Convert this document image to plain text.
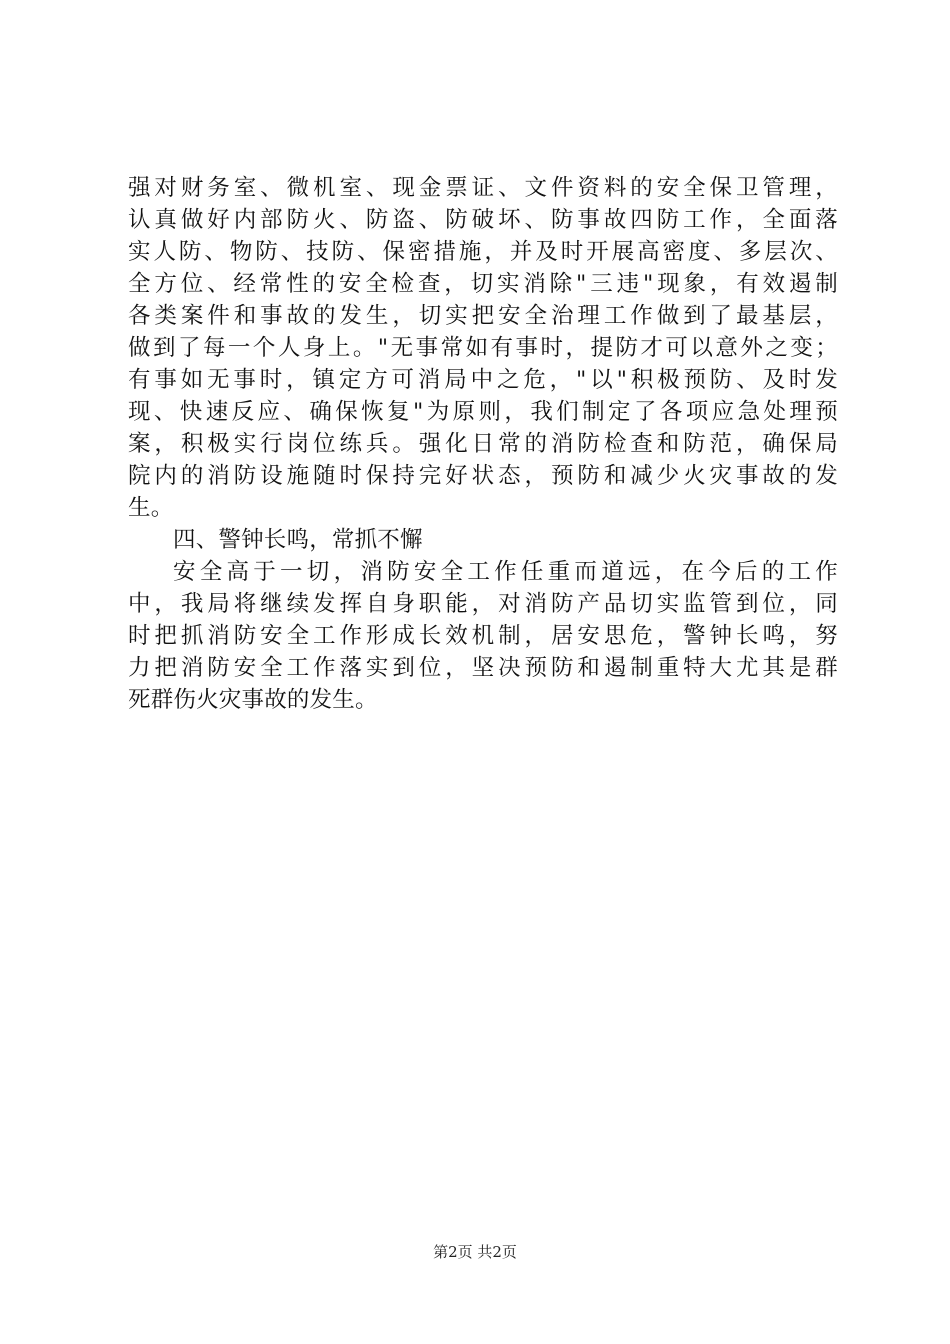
强对财务室、微机室、现金票证、文件资料的安全保卫管理，
认真做好内部防火、防盗、防破坏、防事故四防工作，全面落
实人防、物防、技防、保密措施，并及时开展高密度、多层次、
全方位、经常性的安全检查，切实消除"三违"现象，有效遏制
各类案件和事故的发生，切实把安全治理工作做到了最基层，
做到了每一个人身上。"无事常如有事时，提防才可以意外之变；
有事如无事时，镇定方可消局中之危，"以"积极预防、及时发
现、快速反应、确保恢复"为原则，我们制定了各项应急处理预
案，积极实行岗位练兵。强化日常的消防检查和防范，确保局
院内的消防设施随时保持完好状态，预防和减少火灾事故的发
生。
四、警钟长鸣，常抓不懈
安全高于一切，消防安全工作任重而道远，在今后的工作
中，我局将继续发挥自身职能，对消防产品切实监管到位，同
时把抓消防安全工作形成长效机制，居安思危，警钟长鸣，努
力把消防安全工作落实到位，坚决预防和遏制重特大尤其是群
死群伤火灾事故的发生。
第2页 共2页
